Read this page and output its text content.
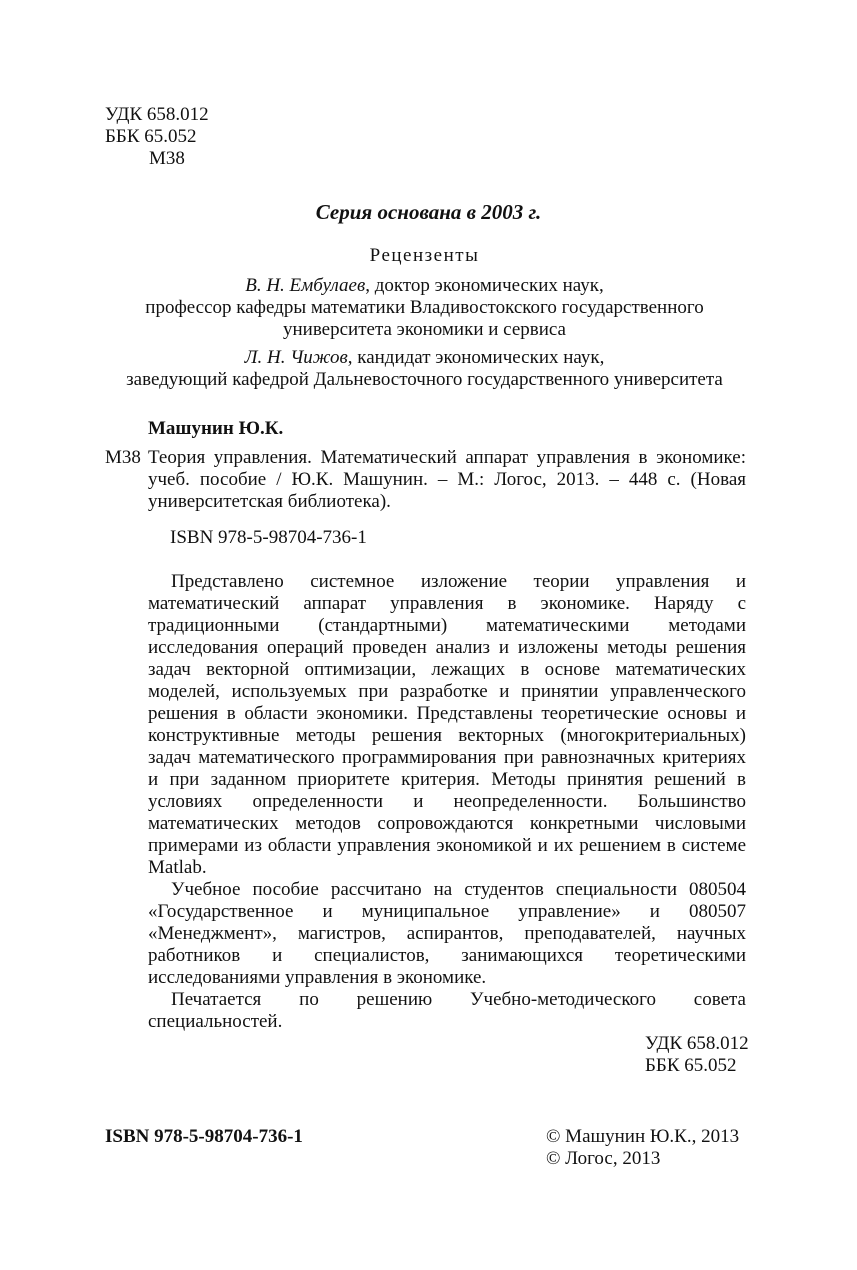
УДК 658.012
ББК 65.052
М38
Серия основана в 2003 г.
Рецензенты
В. Н. Ембулаев, доктор экономических наук,
профессор кафедры математики Владивостокского государственного
университета экономики и сервиса
Л. Н. Чижов, кандидат экономических наук,
заведующий кафедрой Дальневосточного государственного университета
Машунин Ю.К.
М38 Теория управления. Математический аппарат управления в экономике: учеб. пособие / Ю.К. Машунин. – М.: Логос, 2013. – 448 с. (Новая университетская библиотека).
ISBN 978-5-98704-736-1

Представлено системное изложение теории управления и математический аппарат управления в экономике. Наряду с традиционными (стандартными) математическими методами исследования операций проведен анализ и изложены методы решения задач векторной оптимизации, лежащих в основе математических моделей, используемых при разработке и принятии управленческого решения в области экономики. Представлены теоретические основы и конструктивные методы решения векторных (многокритериальных) задач математического программирования при равнозначных критериях и при заданном приоритете критерия. Методы принятия решений в условиях определенности и неопределенности. Большинство математических методов сопровождаются конкретными числовыми примерами из области управления экономикой и их решением в системе Matlab.

Учебное пособие рассчитано на студентов специальности 080504 «Государственное и муниципальное управление» и 080507 «Менеджмент», магистров, аспирантов, преподавателей, научных работников и специалистов, занимающихся теоретическими исследованиями управления в экономике.

Печатается по решению Учебно-методического совета специальностей.

УДК 658.012
ББК 65.052
ISBN 978-5-98704-736-1	© Машунин Ю.К., 2013
© Логос, 2013
